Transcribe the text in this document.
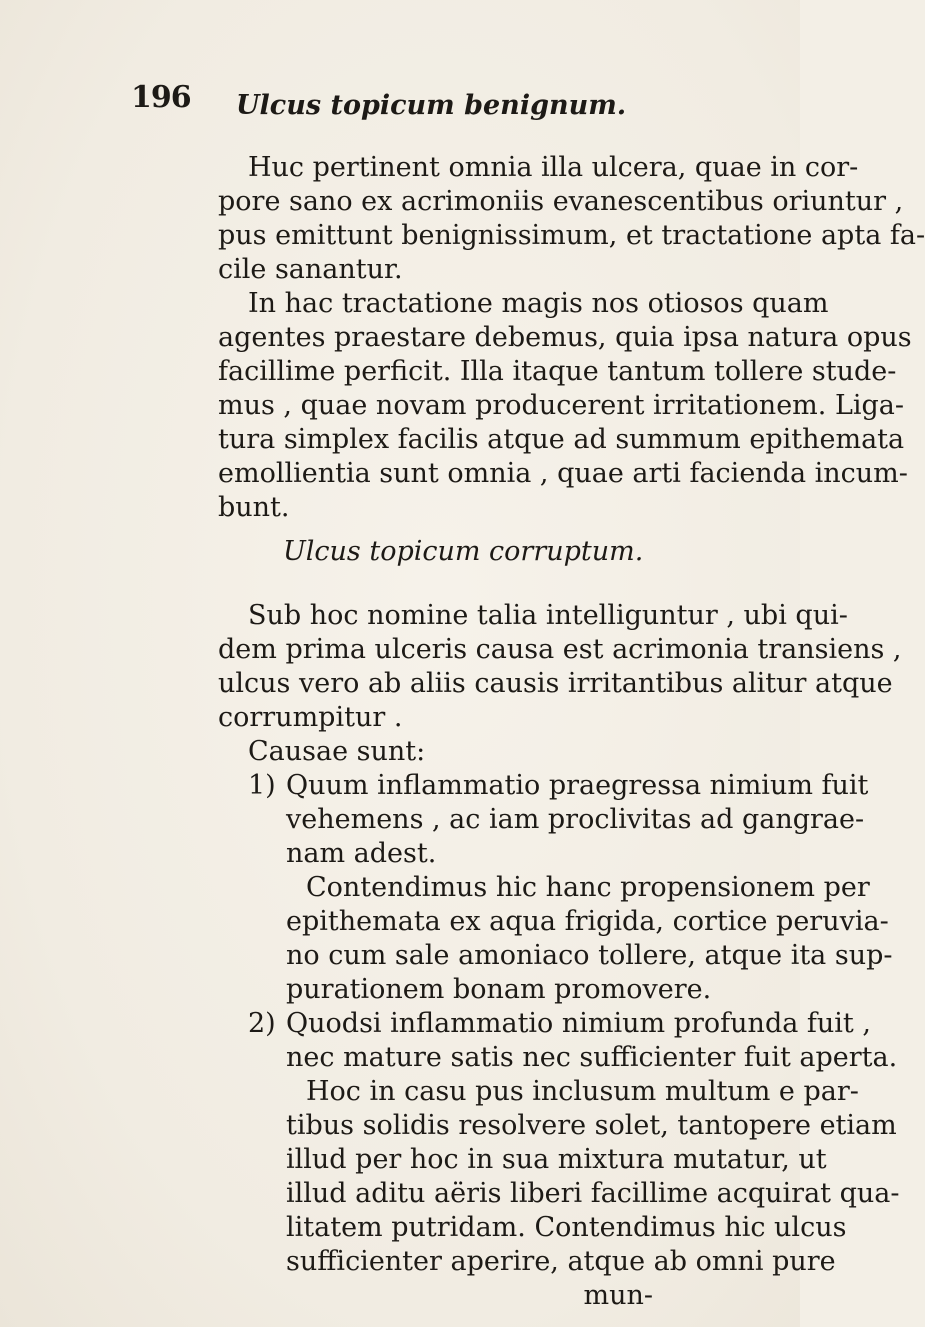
196 Ulcus topicum benignum.
Huc pertinent omnia illa ulcera, quae in cor-
pore sano ex acrimoniis evanescentibus oriuntur ,
pus emittunt benignissimum, et tractatione apta fa-
cile sanantur.
In hac tractatione magis nos otiosos quam
agentes praestare debemus, quia ipsa natura opus
facillime perficit. Illa itaque tantum tollere stude-
mus , quae novam producerent irritationem. Liga-
tura simplex facilis atque ad summum epithemata
emollientia sunt omnia , quae arti facienda incum-
bunt.
Ulcus topicum corruptum.
Sub hoc nomine talia intelliguntur , ubi qui-
dem prima ulceris causa est acrimonia transiens ,
ulcus vero ab aliis causis irritantibus alitur atque
corrumpitur .
Causae sunt:
1) Quum inflammatio praegressa nimium fuit
vehemens , ac iam proclivitas ad gangrae-
nam adest.
Contendimus hic hanc propensionem per
epithemata ex aqua frigida, cortice peruvia-
no cum sale amoniaco tollere, atque ita sup-
purationem bonam promovere.
2) Quodsi inflammatio nimium profunda fuit ,
nec mature satis nec sufficienter fuit aperta.
Hoc in casu pus inclusum multum e par-
tibus solidis resolvere solet, tantopere etiam
illud per hoc in sua mixtura mutatur, ut
illud aditu aëris liberi facillime acquirat qua-
litatem putridam. Contendimus hic ulcus
sufficienter aperire, atque ab omni pure
mun-
